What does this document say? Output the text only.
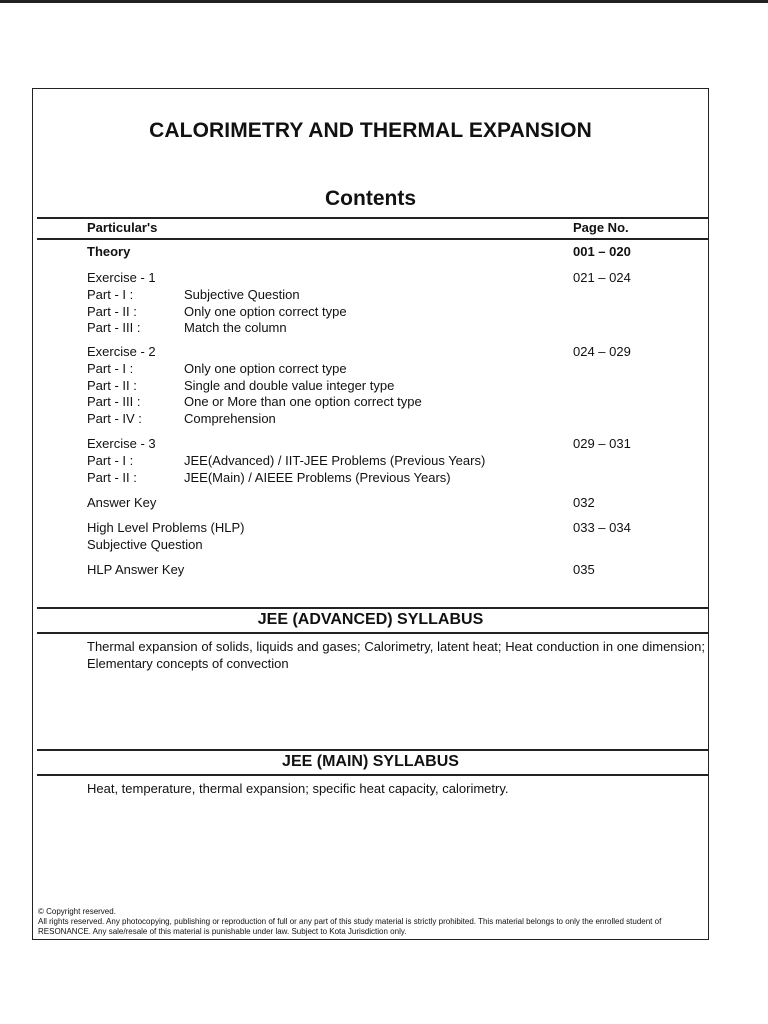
CALORIMETRY AND THERMAL EXPANSION
Contents
Particular's	Page No.
Theory	001 – 020
Exercise - 1	021 – 024
Part - I :	Subjective Question
Part - II :	Only one option correct type
Part - III :	Match the column
Exercise - 2	024 – 029
Part - I :	Only one option correct type
Part - II :	Single and double value integer type
Part - III :	One or More than one option correct type
Part - IV :	Comprehension
Exercise - 3	029 – 031
Part - I :	JEE(Advanced) / IIT-JEE Problems (Previous Years)
Part - II :	JEE(Main) / AIEEE Problems (Previous Years)
Answer Key	032
High Level Problems (HLP)	033 – 034
Subjective Question
HLP Answer Key	035
JEE (ADVANCED) SYLLABUS
Thermal expansion of solids, liquids and gases; Calorimetry, latent heat; Heat conduction in one dimension; Elementary concepts of convection
JEE (MAIN) SYLLABUS
Heat, temperature, thermal expansion; specific heat capacity, calorimetry.
© Copyright reserved.
All rights reserved. Any photocopying, publishing or reproduction of full or any part of this study material is strictly prohibited. This material belongs to only the enrolled student of RESONANCE. Any sale/resale of this material is punishable under law. Subject to Kota Jurisdiction only.
